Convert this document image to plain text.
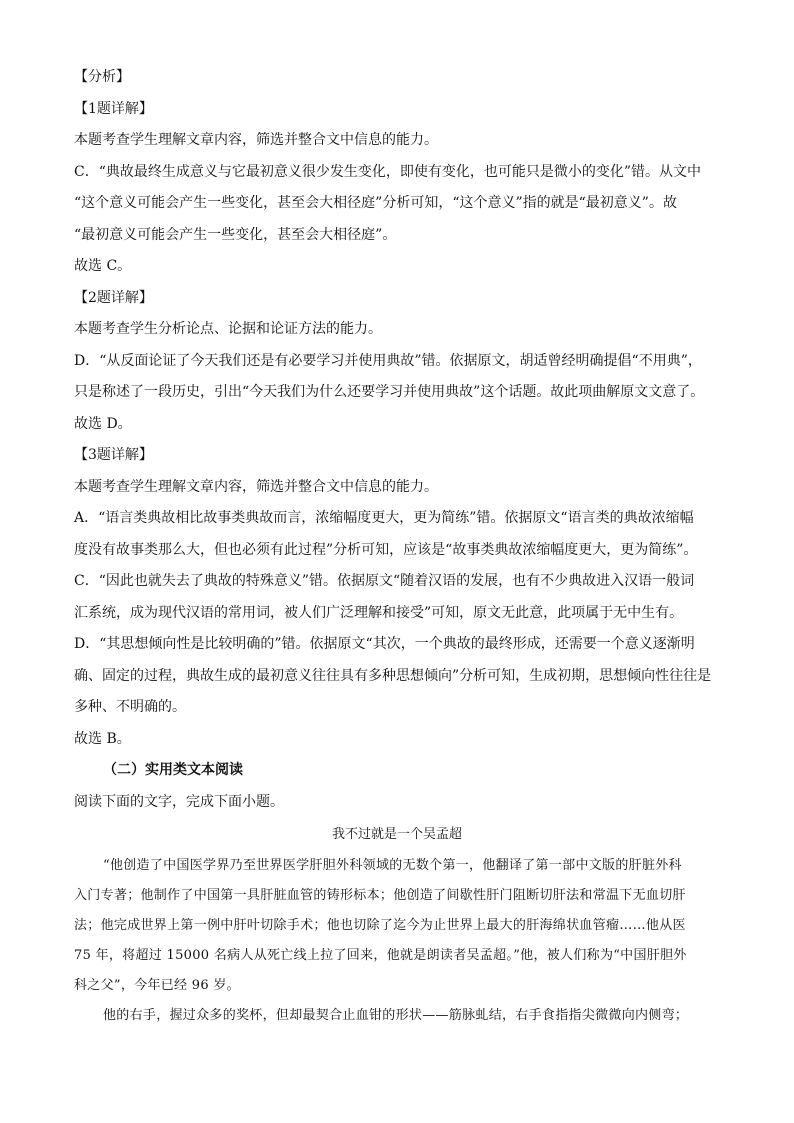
【分析】
【1题详解】
本题考查学生理解文章内容，筛选并整合文中信息的能力。
C．“典故最终生成意义与它最初意义很少发生变化，即使有变化，也可能只是微小的变化”错。从文中
“这个意义可能会产生一些变化，甚至会大相径庭”分析可知，“这个意义”指的就是“最初意义”。故
“最初意义可能会产生一些变化，甚至会大相径庭”。
故选 C。
【2题详解】
本题考查学生分析论点、论据和论证方法的能力。
D．“从反面论证了今天我们还是有必要学习并使用典故”错。依据原文，胡适曾经明确提倡“不用典”，
只是称述了一段历史，引出“今天我们为什么还要学习并使用典故”这个话题。故此项曲解原文文意了。
故选 D。
【3题详解】
本题考查学生理解文章内容，筛选并整合文中信息的能力。
A．“语言类典故相比故事类典故而言，浓缩幅度更大，更为简练”错。依据原文“语言类的典故浓缩幅
度没有故事类那么大，但也必须有此过程”分析可知，应该是“故事类典故浓缩幅度更大，更为简练”。
C．“因此也就失去了典故的特殊意义”错。依据原文“随着汉语的发展，也有不少典故进入汉语一般词
汇系统，成为现代汉语的常用词，被人们广泛理解和接受”可知，原文无此意，此项属于无中生有。
D．“其思想倾向性是比较明确的”错。依据原文“其次，一个典故的最终形成，还需要一个意义逐渐明
确、固定的过程，典故生成的最初意义往往具有多种思想倾向”分析可知，生成初期，思想倾向性往往是
多种、不明确的。
故选 B。
（二）实用类文本阅读
阅读下面的文字，完成下面小题。
我不过就是一个吴孟超
“他创造了中国医学界乃至世界医学肝胆外科领域的无数个第一，他翻译了第一部中文版的肝脏外科
入门专著；他制作了中国第一具肝脏血管的铸形标本；他创造了间歇性肝门阻断切肝法和常温下无血切肝
法；他完成世界上第一例中肝叶切除手术；他也切除了迄今为止世界上最大的肝海绵状血管瘤……他从医
75 年，将超过 15000 名病人从死亡线上拉了回来，他就是朗读者吴孟超。”他，被人们称为“中国肝胆外
科之父”，今年已经 96 岁。
他的右手，握过众多的奖杯，但却最契合止血钳的形状——筋脉虬结，右手食指指尖微微向内侧弯；
